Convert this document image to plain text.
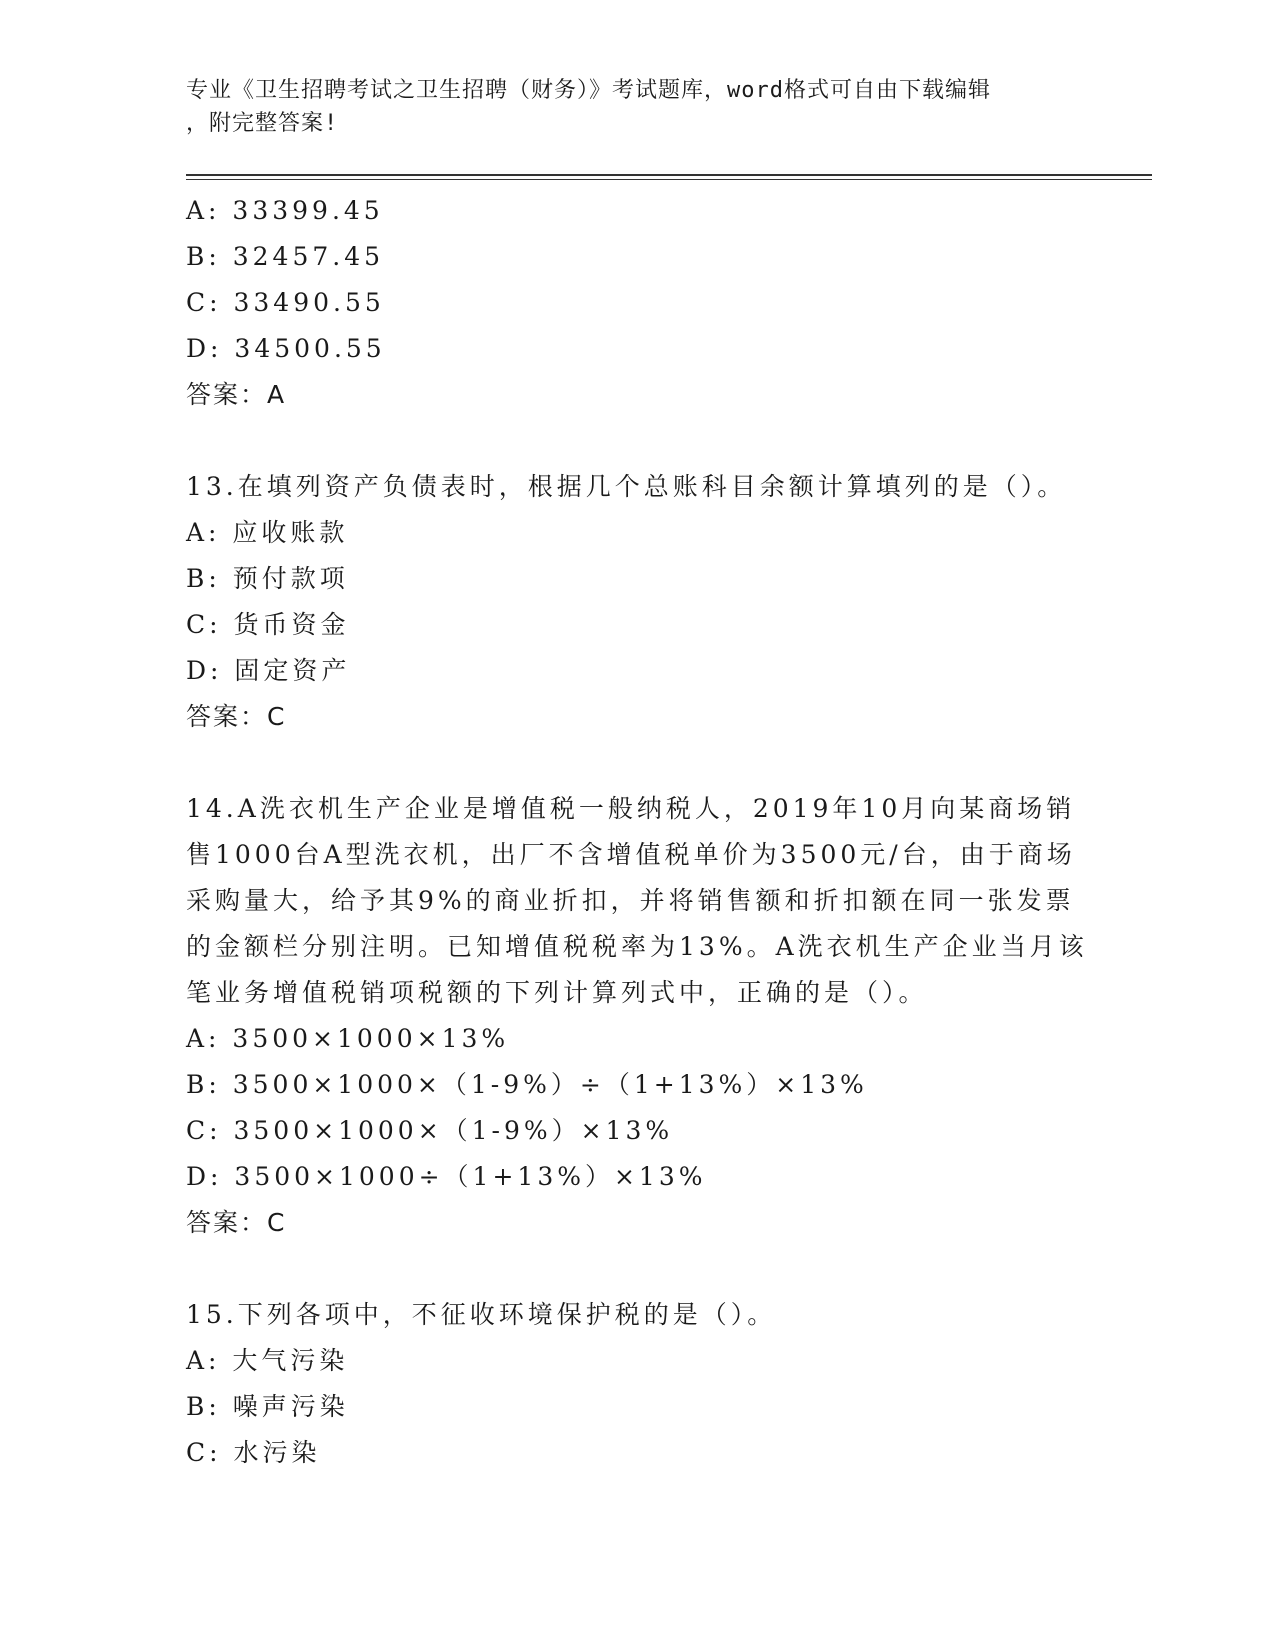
专业《卫生招聘考试之卫生招聘（财务）》考试题库，word格式可自由下载编辑
，附完整答案!
A: 33399.45
B: 32457.45
C: 33490.55
D: 34500.55
答案：A
13.在填列资产负债表时，根据几个总账科目余额计算填列的是（）。
A: 应收账款
B: 预付款项
C: 货币资金
D: 固定资产
答案：C
14.A洗衣机生产企业是增值税一般纳税人，2019年10月向某商场销
售1000台A型洗衣机，出厂不含增值税单价为3500元/台，由于商场
采购量大，给予其9%的商业折扣，并将销售额和折扣额在同一张发票
的金额栏分别注明。已知增值税税率为13%。A洗衣机生产企业当月该
笔业务增值税销项税额的下列计算列式中，正确的是（）。
A: 3500×1000×13%
B: 3500×1000×（1-9%）÷（1+13%）×13%
C: 3500×1000×（1-9%）×13%
D: 3500×1000÷（1+13%）×13%
答案：C
15.下列各项中，不征收环境保护税的是（）。
A: 大气污染
B: 噪声污染
C: 水污染
